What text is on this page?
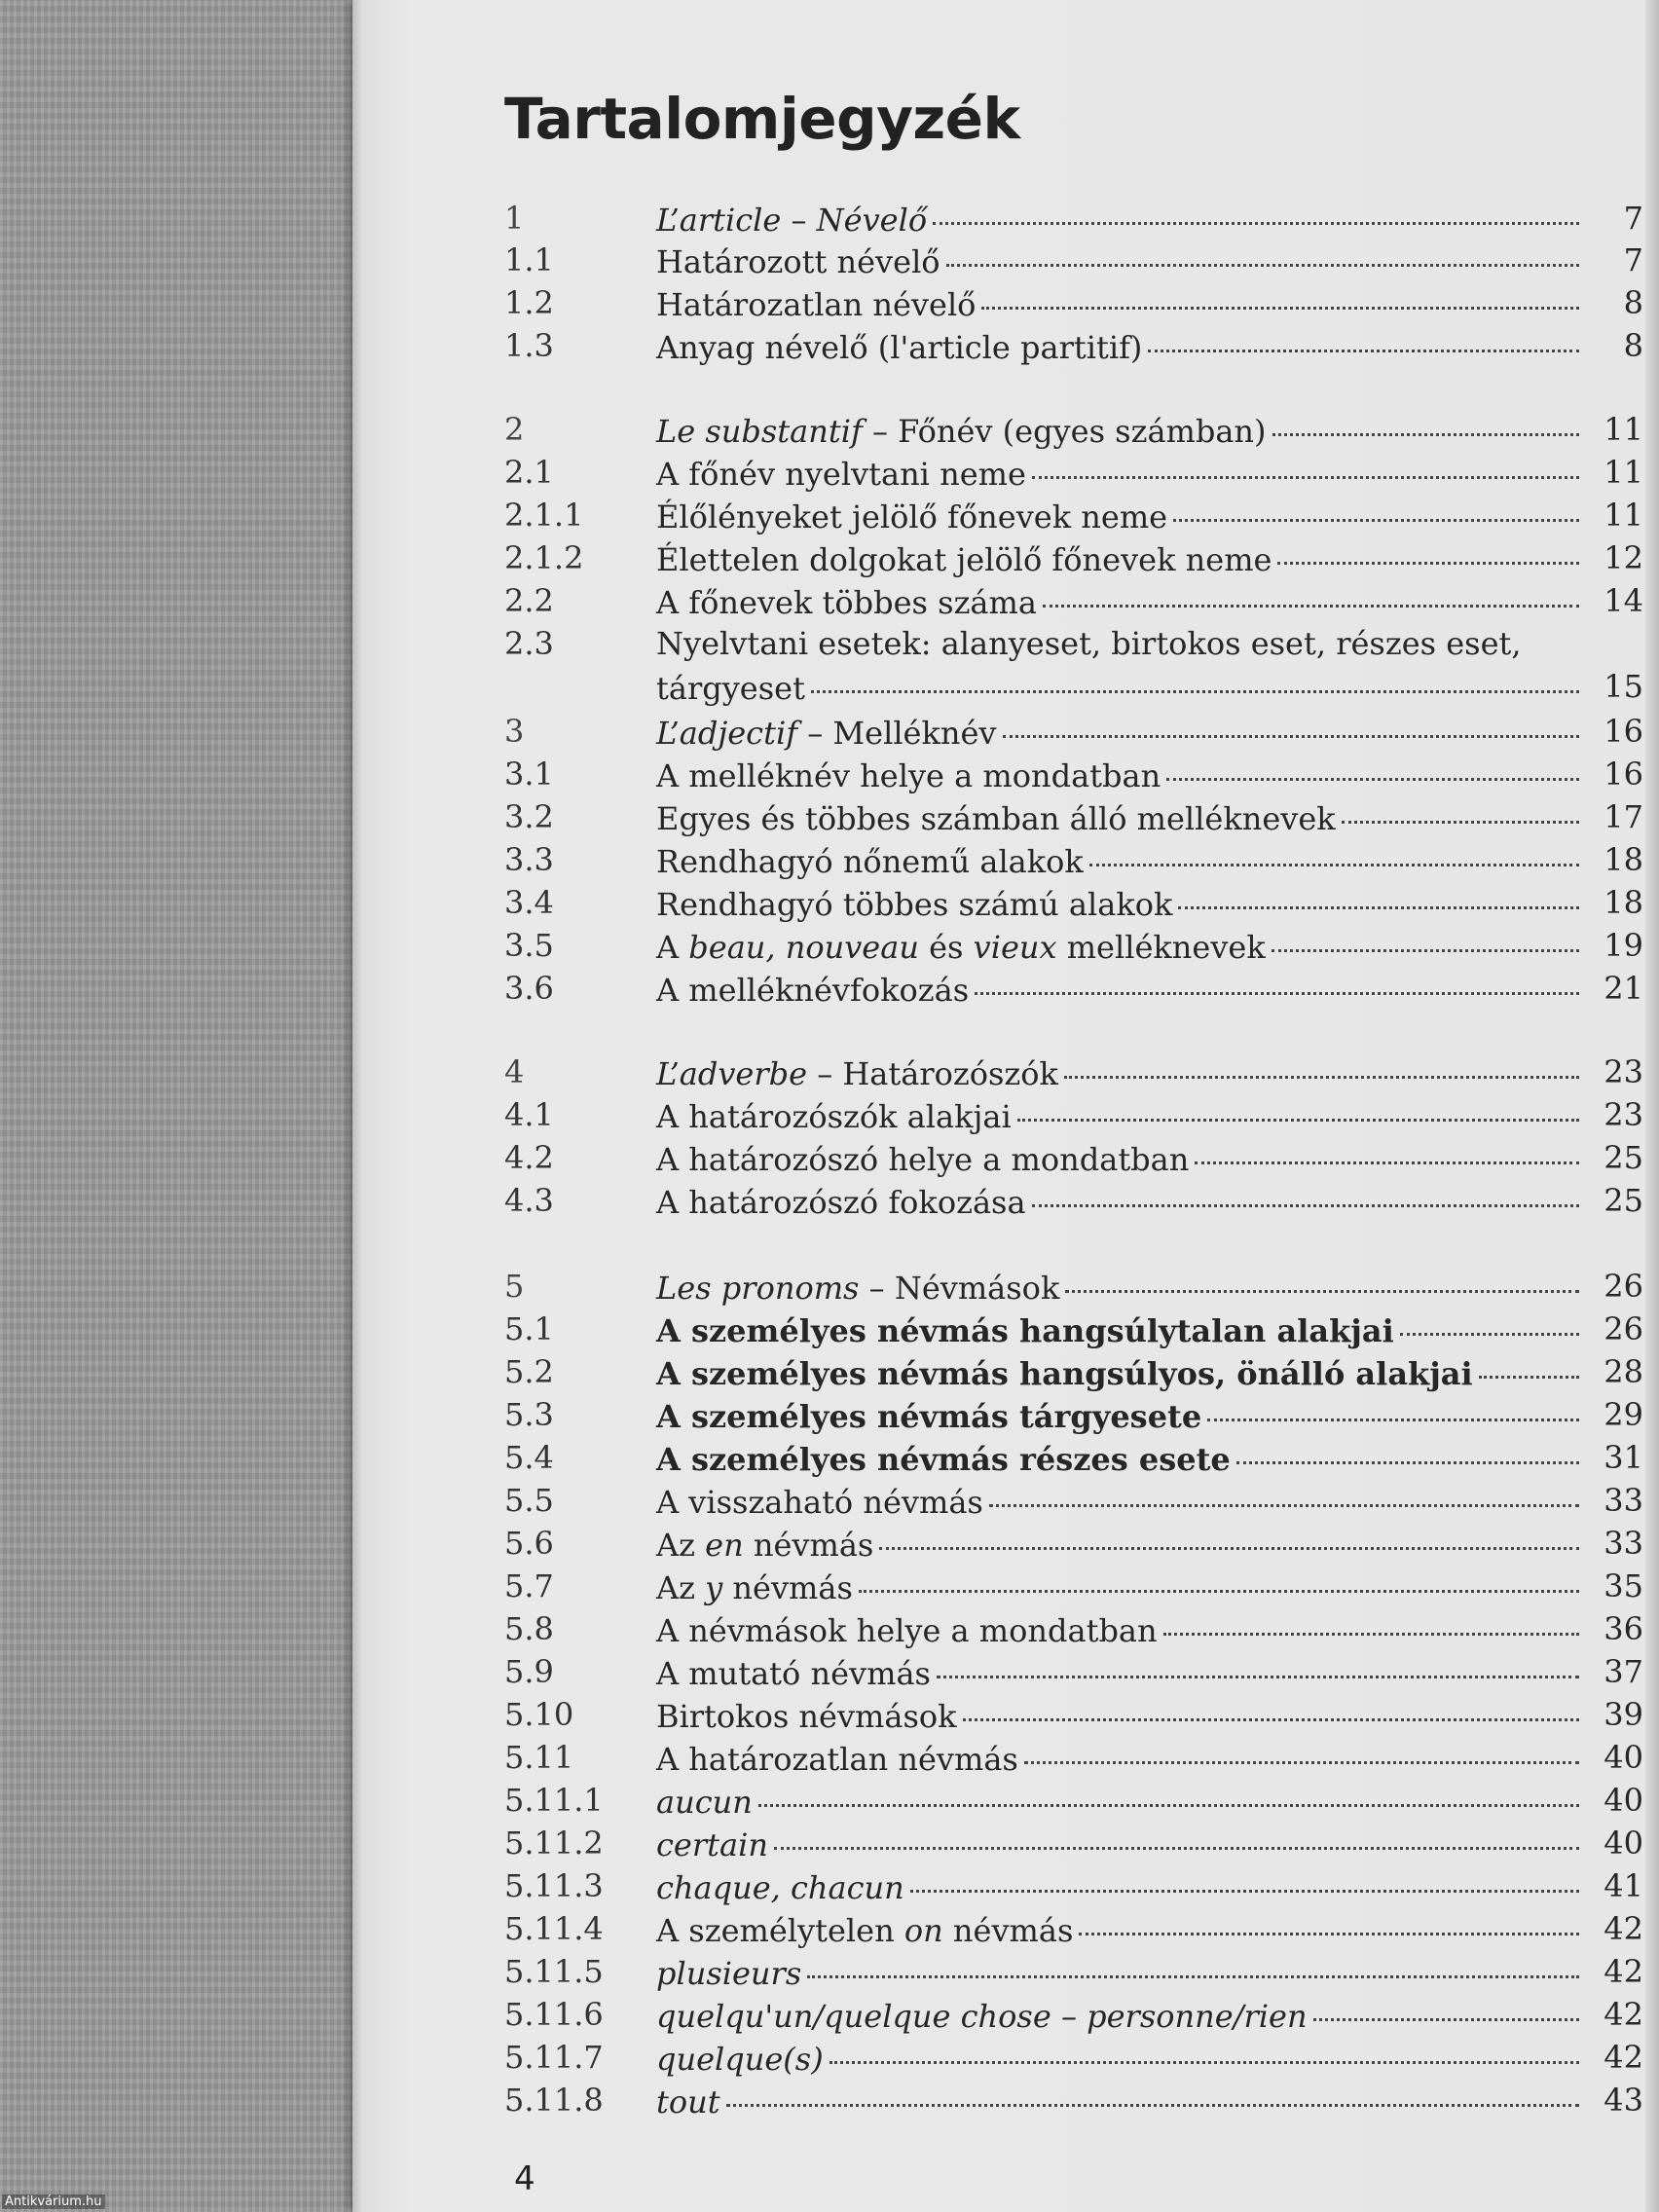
Tartalomjegyzék
1	L’article – Névelő	7
1.1	Határozott névelő	7
1.2	Határozatlan névelő	8
1.3	Anyag névelő (l'article partitif)	8
2	Le substantif – Főnév (egyes számban)	11
2.1	A főnév nyelvtani neme	11
2.1.1	Élőlényeket jelölő főnevek neme	11
2.1.2	Élettelen dolgokat jelölő főnevek neme	12
2.2	A főnevek többes száma	14
2.3	Nyelvtani esetek: alanyeset, birtokos eset, részes eset,
tárgyeset	15
3	L’adjectif – Melléknév	16
3.1	A melléknév helye a mondatban	16
3.2	Egyes és többes számban álló melléknevek	17
3.3	Rendhagyó nőnemű alakok	18
3.4	Rendhagyó többes számú alakok	18
3.5	A beau, nouveau és vieux melléknevek	19
3.6	A melléknévfokozás	21
4	L’adverbe – Határozószók	23
4.1	A határozószók alakjai	23
4.2	A határozószó helye a mondatban	25
4.3	A határozószó fokozása	25
5	Les pronoms – Névmások	26
5.1	A személyes névmás hangsúlytalan alakjai	26
5.2	A személyes névmás hangsúlyos, önálló alakjai	28
5.3	A személyes névmás tárgyesete	29
5.4	A személyes névmás részes esete	31
5.5	A visszaható névmás	33
5.6	Az en névmás	33
5.7	Az y névmás	35
5.8	A névmások helye a mondatban	36
5.9	A mutató névmás	37
5.10	Birtokos névmások	39
5.11	A határozatlan névmás	40
5.11.1	aucun	40
5.11.2	certain	40
5.11.3	chaque, chacun	41
5.11.4	A személytelen on névmás	42
5.11.5	plusieurs	42
5.11.6	quelqu'un/quelque chose – personne/rien	42
5.11.7	quelque(s)	42
5.11.8	tout	43
4
Antikvárium.hu
